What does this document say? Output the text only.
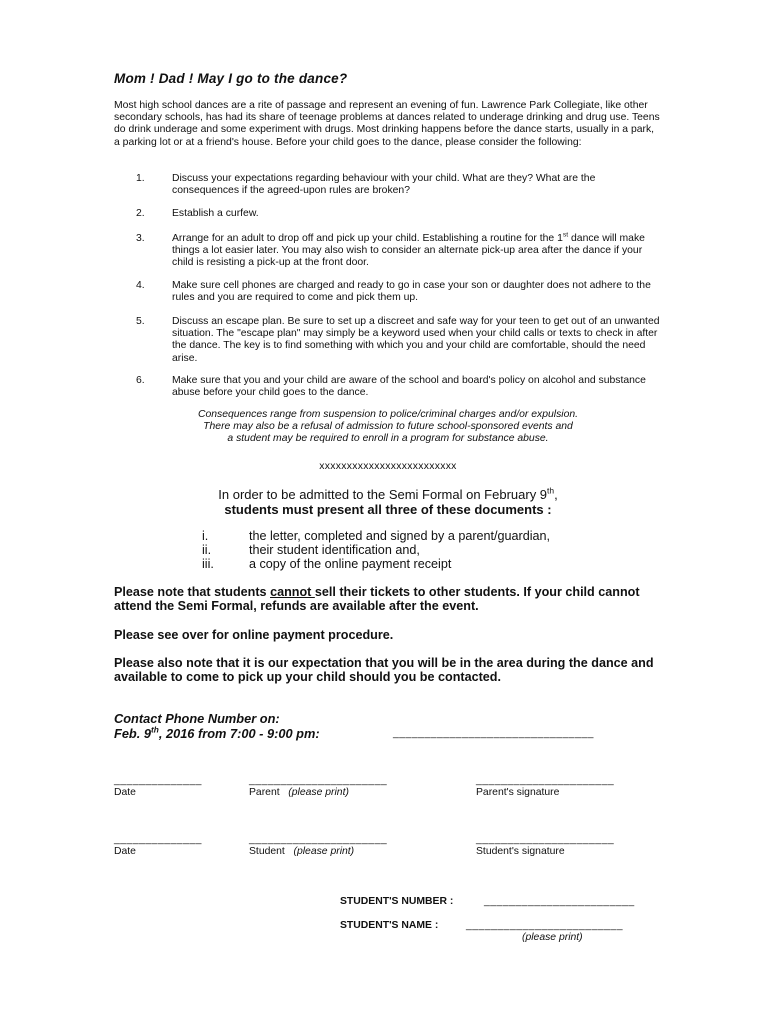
Mom ! Dad ! May I go to the dance?

Most high school dances are a rite of passage and represent an evening of fun. Lawrence Park Collegiate, like other secondary schools, has had its share of teenage problems at dances related to underage drinking and drug use. Teens do drink underage and some experiment with drugs. Most drinking happens before the dance starts, usually in a park, a parking lot or at a friend's house. Before your child goes to the dance, please consider the following:

1.	Discuss your expectations regarding behaviour with your child. What are they? What are the consequences if the agreed-upon rules are broken?
2.	Establish a curfew.
3.	Arrange for an adult to drop off and pick up your child. Establishing a routine for the 1st dance will make things a lot easier later. You may also wish to consider an alternate pick-up area after the dance if your child is resisting a pick-up at the front door.
4.	Make sure cell phones are charged and ready to go in case your son or daughter does not adhere to the rules and you are required to come and pick them up.
5.	Discuss an escape plan. Be sure to set up a discreet and safe way for your teen to get out of an unwanted situation. The "escape plan" may simply be a keyword used when your child calls or texts to check in after the dance. The key is to find something with which you and your child are comfortable, should the need arise.
6.	Make sure that you and your child are aware of the school and board's policy on alcohol and substance abuse before your child goes to the dance.
Consequences range from suspension to police/criminal charges and/or expulsion.
There may also be a refusal of admission to future school-sponsored events and
a student may be required to enroll in a program for substance abuse.
xxxxxxxxxxxxxxxxxxxxxxxxx
In order to be admitted to the Semi Formal on February 9th,
students must present all three of these documents :
i.	the letter, completed and signed by a parent/guardian,
ii.	their student identification and,
iii.	a copy of the online payment receipt
Please note that students cannot sell their tickets to other students. If your child cannot attend the Semi Formal, refunds are available after the event.
Please see over for online payment procedure.
Please also note that it is our expectation that you will be in the area during the dance and available to come to pick up your child should you be contacted.
Contact Phone Number on:
Feb. 9th, 2016 from 7:00 - 9:00 pm:	________________________________
______________
Date
______________________
Parent (please print)
______________________
Parent's signature
______________
Date
______________________
Student (please print)
______________________
Student's signature
STUDENT'S NUMBER :	________________________
STUDENT'S NAME :	_________________________
(please print)
